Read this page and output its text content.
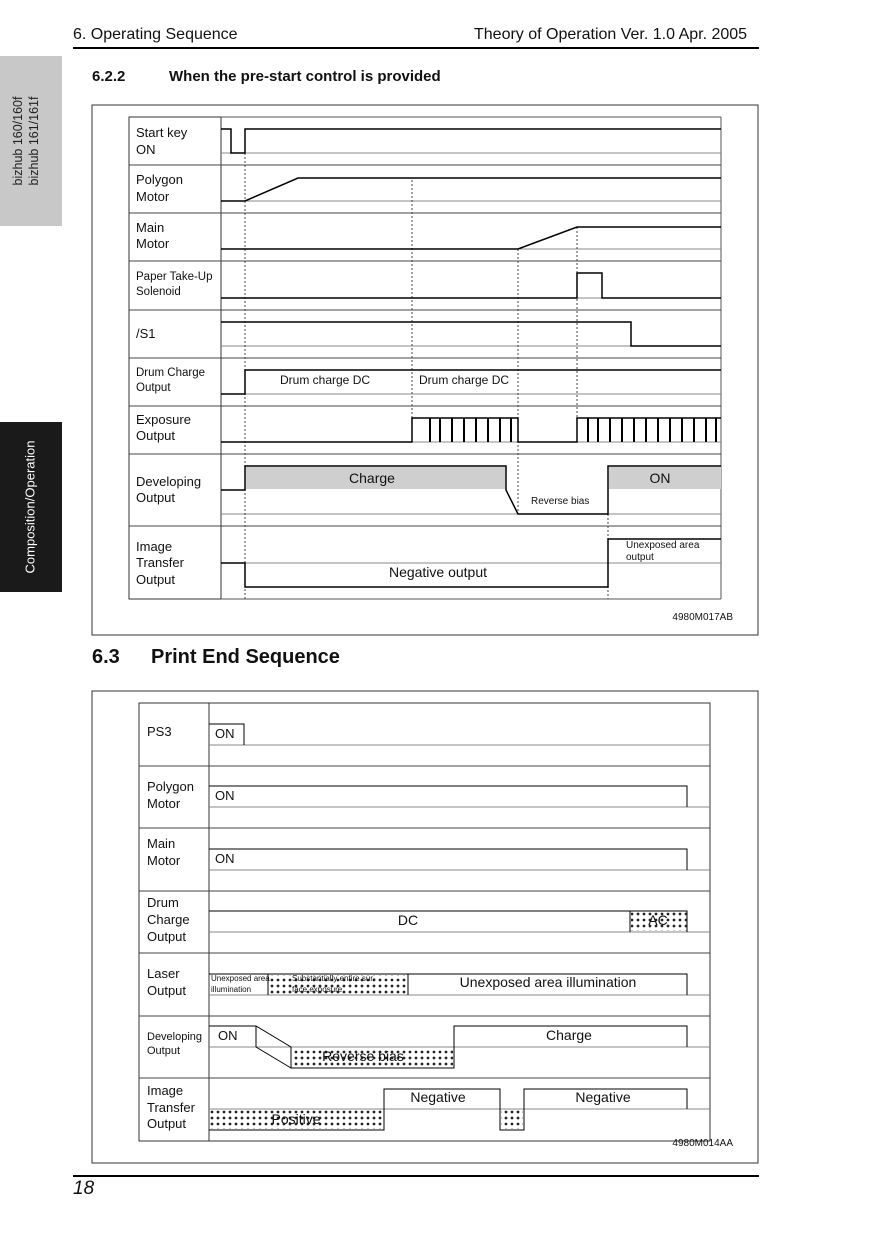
6. Operating Sequence	Theory of Operation Ver. 1.0 Apr. 2005
bizhub 160/160f bizhub 161/161f
Composition/Operation
6.2.2	When the pre-start control is provided
Start key
ON
Polygon
Motor
Main
Motor
Paper Take-Up
Solenoid
/S1
Drum Charge
Output
Exposure
Output
Developing
Output
Image
Transfer
Output
Drum charge DC	Drum charge DC
Charge	ON
Reverse bias
Unexposed area
output
Negative output
4980M017AB
6.3 Print End Sequence
PS3
Polygon
Motor
Main
Motor
Drum
Charge
Output
Laser
Output
Developing
Output
Image
Transfer
Output
ON
ON
ON
DC	AC
Unexposed area
illumination
Substantially entire sur-
face exposure	Unexposed area illumination
ON	Charge
Reverse bias
Negative	Negative
Positive
4980M014AA
18
